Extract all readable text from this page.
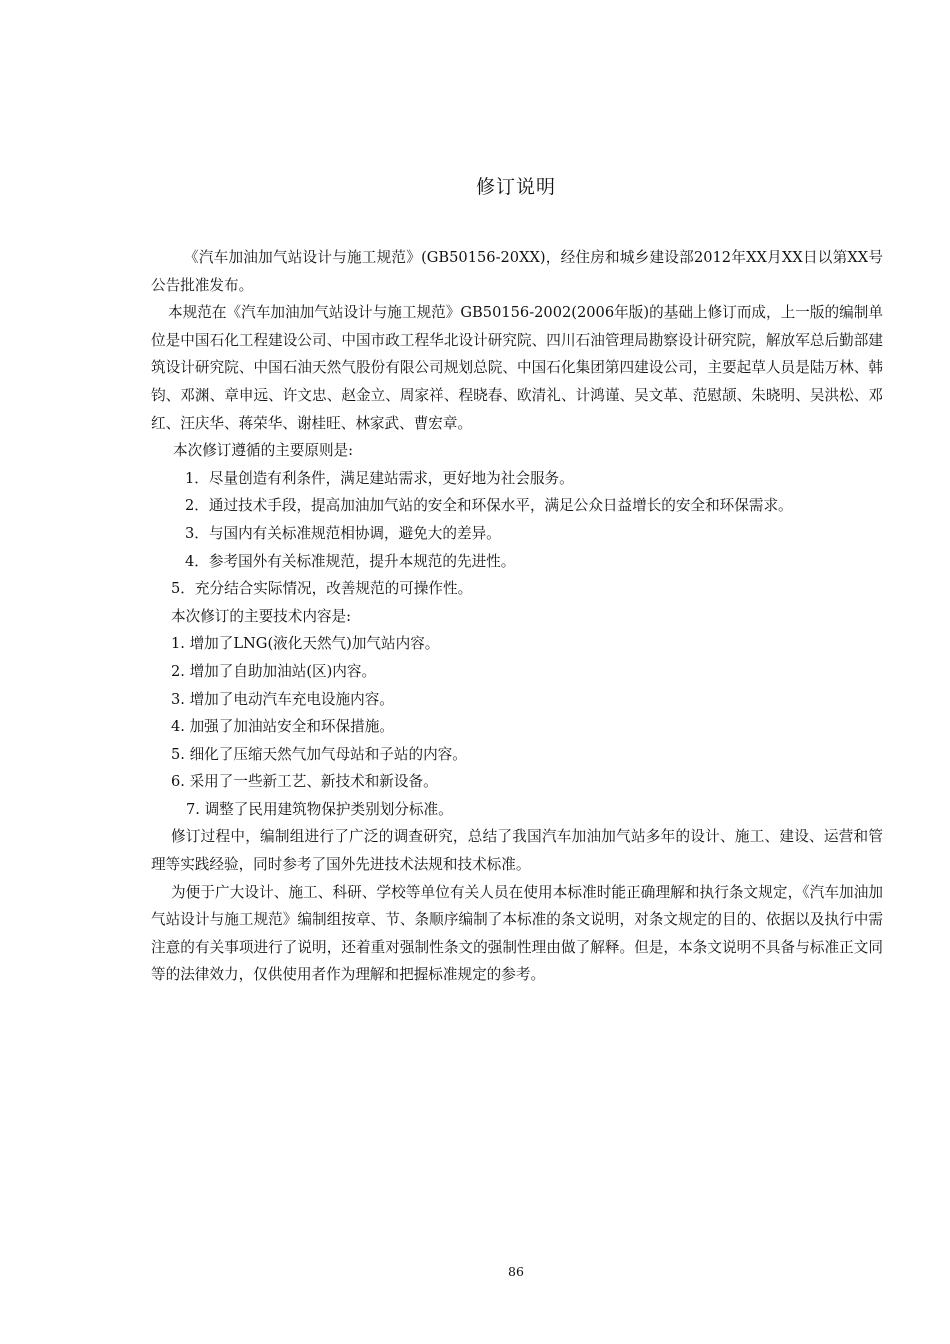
修订说明

《汽车加油加气站设计与施工规范》(GB50156-20XX)，经住房和城乡建设部2012年XX月XX日以第XX号公告批准发布。

本规范在《汽车加油加气站设计与施工规范》GB50156-2002(2006年版)的基础上修订而成，上一版的编制单位是中国石化工程建设公司、中国市政工程华北设计研究院、四川石油管理局勘察设计研究院，解放军总后勤部建筑设计研究院、中国石油天然气股份有限公司规划总院、中国石化集团第四建设公司，主要起草人员是陆万林、韩钧、邓渊、章申远、许文忠、赵金立、周家祥、程晓春、欧清礼、计鸿谨、吴文革、范慰颉、朱晓明、吴洪松、邓红、汪庆华、蒋荣华、谢桂旺、林家武、曹宏章。

本次修订遵循的主要原则是:

1．尽量创造有利条件，满足建站需求，更好地为社会服务。

2．通过技术手段，提高加油加气站的安全和环保水平，满足公众日益增长的安全和环保需求。

3．与国内有关标准规范相协调，避免大的差异。

4．参考国外有关标准规范，提升本规范的先进性。

5．充分结合实际情况，改善规范的可操作性。

本次修订的主要技术内容是:

1. 增加了LNG(液化天然气)加气站内容。

2. 增加了自助加油站(区)内容。

3. 增加了电动汽车充电设施内容。

4. 加强了加油站安全和环保措施。

5. 细化了压缩天然气加气母站和子站的内容。

6. 采用了一些新工艺、新技术和新设备。

7. 调整了民用建筑物保护类别划分标准。

修订过程中，编制组进行了广泛的调查研究，总结了我国汽车加油加气站多年的设计、施工、建设、运营和管理等实践经验，同时参考了国外先进技术法规和技术标准。

为便于广大设计、施工、科研、学校等单位有关人员在使用本标准时能正确理解和执行条文规定，《汽车加油加气站设计与施工规范》编制组按章、节、条顺序编制了本标准的条文说明，对条文规定的目的、依据以及执行中需注意的有关事项进行了说明，还着重对强制性条文的强制性理由做了解释。但是，本条文说明不具备与标准正文同等的法律效力，仅供使用者作为理解和把握标准规定的参考。

86
